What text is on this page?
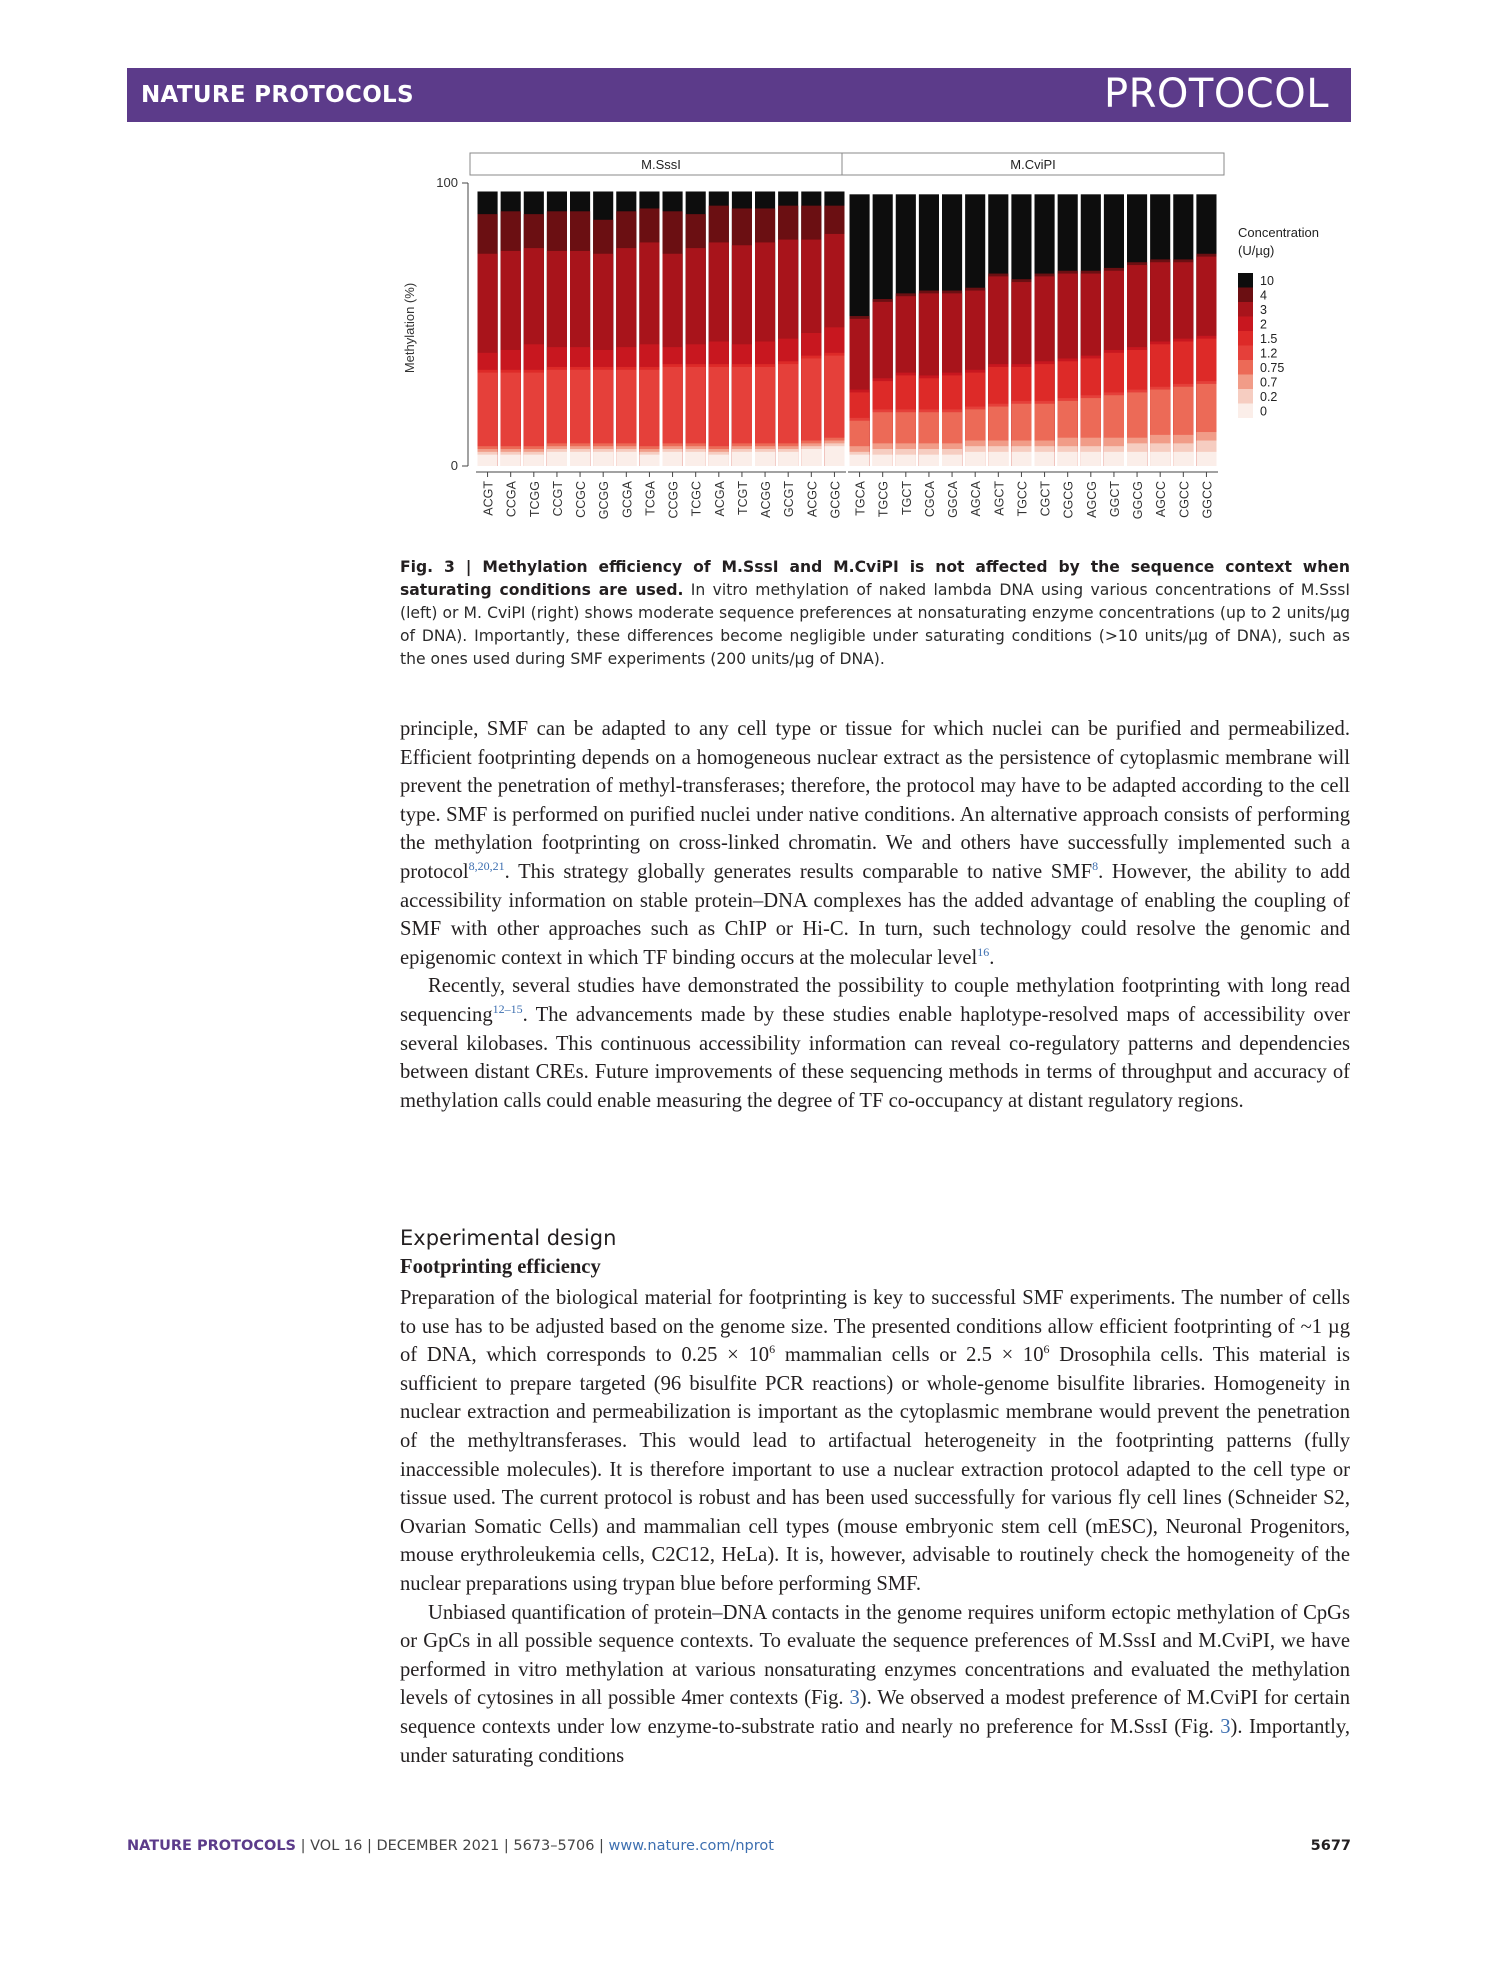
NATURE PROTOCOLS	PROTOCOL
Methylation (%)
0
100
M.SssI
ACGT CCGA TCGG CCGT CCGC GCGG GCGA TCGA CCGG TCGC ACGA TCGT ACGG GCGT ACGC GCGC
M.CviPI
TGCA TGCG TGCT CGCA GGCA AGCA AGCT TGCC CGCT CGCG AGCG GGCT GGCG AGCC CGCC GGCC
Concentration
(U/µg)
10
4
3
2
1.5
1.2
0.75
0.7
0.2
0
Fig. 3 | Methylation efficiency of M.SssI and M.CviPI is not affected by the sequence context when saturating conditions are used. In vitro methylation of naked lambda DNA using various concentrations of M.SssI (left) or M. CviPI (right) shows moderate sequence preferences at nonsaturating enzyme concentrations (up to 2 units/µg of DNA). Importantly, these differences become negligible under saturating conditions (>10 units/µg of DNA), such as the ones used during SMF experiments (200 units/µg of DNA).

principle, SMF can be adapted to any cell type or tissue for which nuclei can be purified and permeabilized. Efficient footprinting depends on a homogeneous nuclear extract as the persistence of cytoplasmic membrane will prevent the penetration of methyl-transferases; therefore, the protocol may have to be adapted according to the cell type. SMF is performed on purified nuclei under native conditions. An alternative approach consists of performing the methylation footprinting on cross-linked chromatin. We and others have successfully implemented such a protocol$^{8,20,21}$. This strategy globally generates results comparable to native SMF$^8$. However, the ability to add accessibility information on stable protein–DNA complexes has the added advantage of enabling the coupling of SMF with other approaches such as ChIP or Hi-C. In turn, such technology could resolve the genomic and epigenomic context in which TF binding occurs at the molecular level$^{16}$.

Recently, several studies have demonstrated the possibility to couple methylation footprinting with long read sequencing$^{12-15}$. The advancements made by these studies enable haplotype-resolved maps of accessibility over several kilobases. This continuous accessibility information can reveal co-regulatory patterns and dependencies between distant CREs. Future improvements of these sequencing methods in terms of throughput and accuracy of methylation calls could enable measuring the degree of TF co-occupancy at distant regulatory regions.

Experimental design
Footprinting efficiency

Preparation of the biological material for footprinting is key to successful SMF experiments. The number of cells to use has to be adjusted based on the genome size. The presented conditions allow efficient footprinting of ~1 µg of DNA, which corresponds to $0.25 \times 10^6$ mammalian cells or $2.5 \times 10^6$ Drosophila cells. This material is sufficient to prepare targeted (96 bisulfite PCR reactions) or whole-genome bisulfite libraries. Homogeneity in nuclear extraction and permeabilization is important as the cytoplasmic membrane would prevent the penetration of the methyltransferases. This would lead to artifactual heterogeneity in the footprinting patterns (fully inaccessible molecules). It is therefore important to use a nuclear extraction protocol adapted to the cell type or tissue used. The current protocol is robust and has been used successfully for various fly cell lines (Schneider S2, Ovarian Somatic Cells) and mammalian cell types (mouse embryonic stem cell (mESC), Neuronal Progenitors, mouse erythroleukemia cells, C2C12, HeLa). It is, however, advisable to routinely check the homogeneity of the nuclear preparations using trypan blue before performing SMF.

Unbiased quantification of protein–DNA contacts in the genome requires uniform ectopic methylation of CpGs or GpCs in all possible sequence contexts. To evaluate the sequence preferences of M.SssI and M.CviPI, we have performed in vitro methylation at various nonsaturating enzymes concentrations and evaluated the methylation levels of cytosines in all possible 4mer contexts (Fig. 3). We observed a modest preference of M.CviPI for certain sequence contexts under low enzyme-to-substrate ratio and nearly no preference for M.SssI (Fig. 3). Importantly, under saturating conditions

NATURE PROTOCOLS | VOL 16 | DECEMBER 2021 | 5673–5706 | www.nature.com/nprot	5677
